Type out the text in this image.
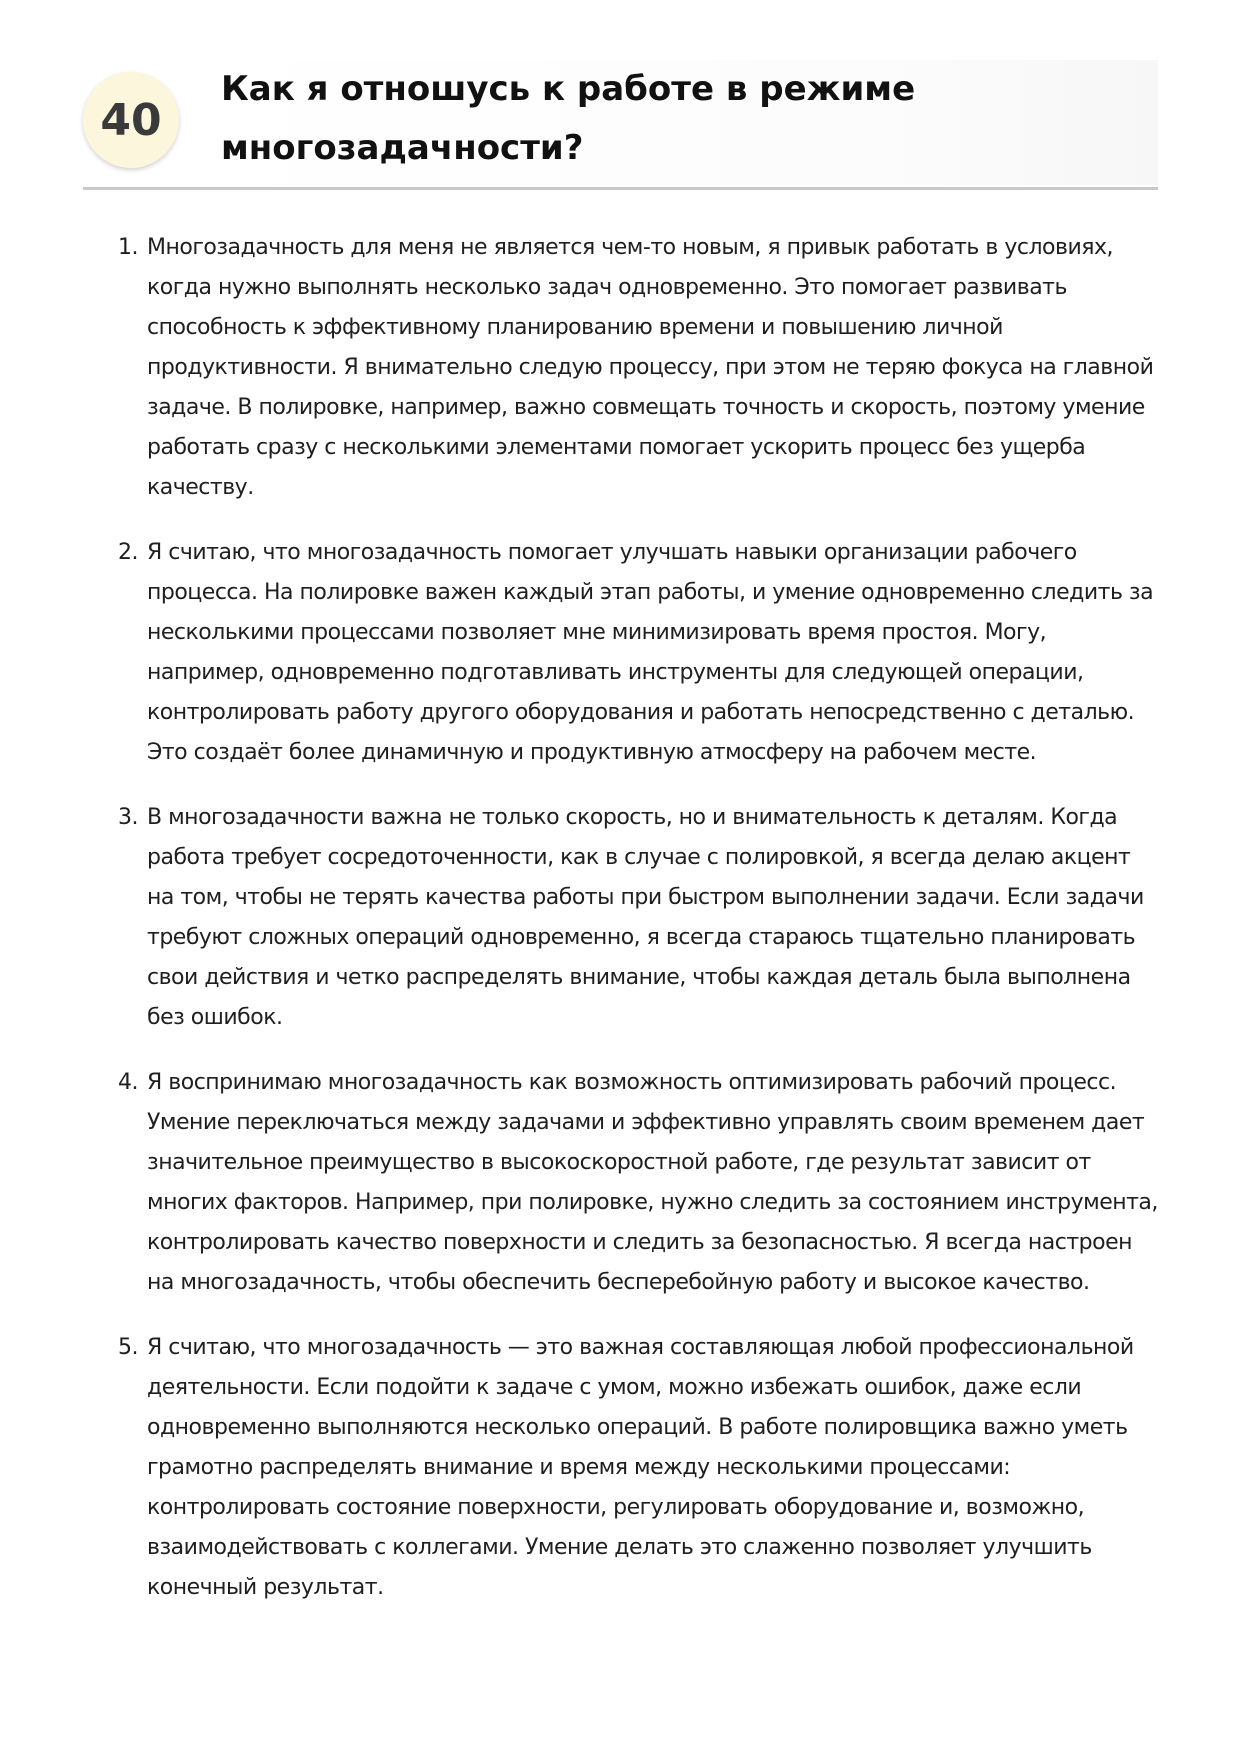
40
Как я отношусь к работе в режиме многозадачности?
1. Многозадачность для меня не является чем-то новым, я привык работать в условиях, когда нужно выполнять несколько задач одновременно. Это помогает развивать способность к эффективному планированию времени и повышению личной продуктивности. Я внимательно следую процессу, при этом не теряю фокуса на главной задаче. В полировке, например, важно совмещать точность и скорость, поэтому умение работать сразу с несколькими элементами помогает ускорить процесс без ущерба качеству.
2. Я считаю, что многозадачность помогает улучшать навыки организации рабочего процесса. На полировке важен каждый этап работы, и умение одновременно следить за несколькими процессами позволяет мне минимизировать время простоя. Могу, например, одновременно подготавливать инструменты для следующей операции, контролировать работу другого оборудования и работать непосредственно с деталью. Это создаёт более динамичную и продуктивную атмосферу на рабочем месте.
3. В многозадачности важна не только скорость, но и внимательность к деталям. Когда работа требует сосредоточенности, как в случае с полировкой, я всегда делаю акцент на том, чтобы не терять качества работы при быстром выполнении задачи. Если задачи требуют сложных операций одновременно, я всегда стараюсь тщательно планировать свои действия и четко распределять внимание, чтобы каждая деталь была выполнена без ошибок.
4. Я воспринимаю многозадачность как возможность оптимизировать рабочий процесс. Умение переключаться между задачами и эффективно управлять своим временем дает значительное преимущество в высокоскоростной работе, где результат зависит от многих факторов. Например, при полировке, нужно следить за состоянием инструмента, контролировать качество поверхности и следить за безопасностью. Я всегда настроен на многозадачность, чтобы обеспечить бесперебойную работу и высокое качество.
5. Я считаю, что многозадачность — это важная составляющая любой профессиональной деятельности. Если подойти к задаче с умом, можно избежать ошибок, даже если одновременно выполняются несколько операций. В работе полировщика важно уметь грамотно распределять внимание и время между несколькими процессами: контролировать состояние поверхности, регулировать оборудование и, возможно, взаимодействовать с коллегами. Умение делать это слаженно позволяет улучшить конечный результат.
